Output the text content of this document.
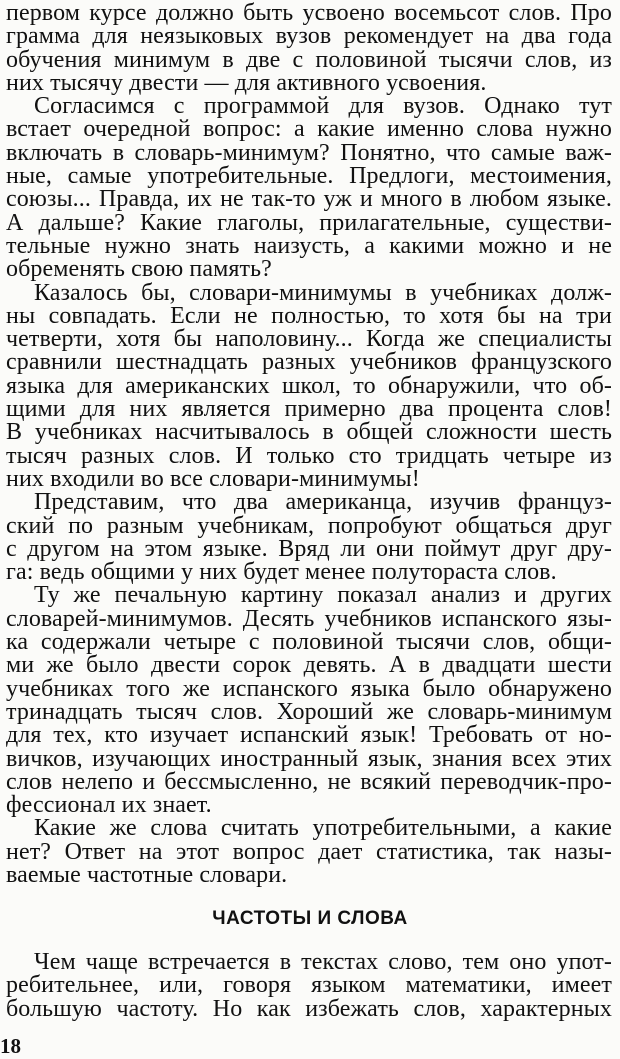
первом курсе должно быть усвоено восемьсот слов. Про
грамма для неязыковых вузов рекомендует на два года
обучения минимум в две с половиной тысячи слов, из
них тысячу двести — для активного усвоения.
Согласимся с программой для вузов. Однако тут
встает очередной вопрос: а какие именно слова нужно
включать в словарь-минимум? Понятно, что самые важ-
ные, самые употребительные. Предлоги, местоимения,
союзы... Правда, их не так-то уж и много в любом языке.
А дальше? Какие глаголы, прилагательные, существи-
тельные нужно знать наизусть, а какими можно и не
обременять свою память?
Казалось бы, словари-минимумы в учебниках долж-
ны совпадать. Если не полностью, то хотя бы на три
четверти, хотя бы наполовину... Когда же специалисты
сравнили шестнадцать разных учебников французского
языка для американских школ, то обнаружили, что об-
щими для них является примерно два процента слов!
В учебниках насчитывалось в общей сложности шесть
тысяч разных слов. И только сто тридцать четыре из
них входили во все словари-минимумы!
Представим, что два американца, изучив француз-
ский по разным учебникам, попробуют общаться друг
с другом на этом языке. Вряд ли они поймут друг дру-
га: ведь общими у них будет менее полутораста слов.
Ту же печальную картину показал анализ и других
словарей-минимумов. Десять учебников испанского язы-
ка содержали четыре с половиной тысячи слов, общи-
ми же было двести сорок девять. А в двадцати шести
учебниках того же испанского языка было обнаружено
тринадцать тысяч слов. Хороший же словарь-минимум
для тех, кто изучает испанский язык! Требовать от но-
вичков, изучающих иностранный язык, знания всех этих
слов нелепо и бессмысленно, не всякий переводчик-про-
фессионал их знает.
Какие же слова считать употребительными, а какие
нет? Ответ на этот вопрос дает статистика, так назы-
ваемые частотные словари.
ЧАСТОТЫ И СЛОВА
Чем чаще встречается в текстах слово, тем оно упот-
ребительнее, или, говоря языком математики, имеет
большую частоту. Но как избежать слов, характерных
18
